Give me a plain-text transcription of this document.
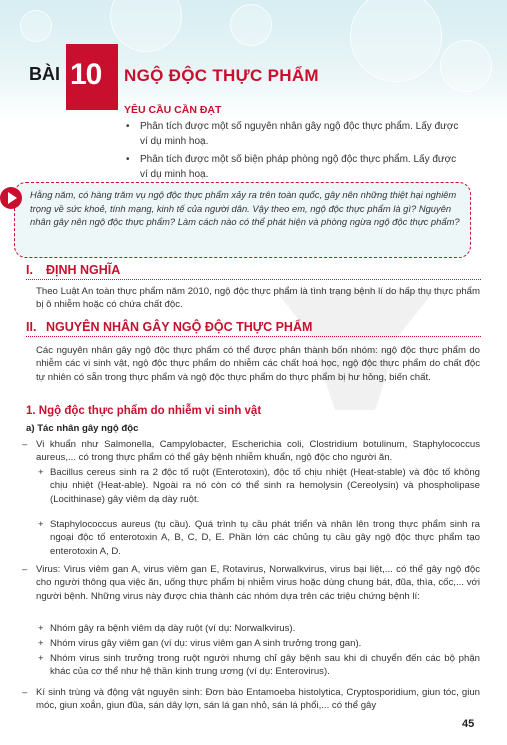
BÀI 10 NGỘ ĐỘC THỰC PHẨM
YÊU CẦU CẦN ĐẠT
• Phân tích được một số nguyên nhân gây ngộ độc thực phẩm. Lấy được ví dụ minh hoạ.
• Phân tích được một số biện pháp phòng ngộ độc thực phẩm. Lấy được ví dụ minh hoạ.

Hằng năm, có hàng trăm vụ ngộ độc thực phẩm xảy ra trên toàn quốc, gây nên những thiệt hại nghiêm trọng về sức khoẻ, tính mạng, kinh tế của người dân. Vậy theo em, ngộ độc thực phẩm là gì? Nguyên nhân gây nên ngộ độc thực phẩm? Làm cách nào có thể phát hiện và phòng ngừa ngộ độc thực phẩm?

I. ĐỊNH NGHĨA

Theo Luật An toàn thực phẩm năm 2010, ngộ độc thực phẩm là tình trạng bệnh lí do hấp thụ thực phẩm bị ô nhiễm hoặc có chứa chất độc.

II. NGUYÊN NHÂN GÂY NGỘ ĐỘC THỰC PHẨM

Các nguyên nhân gây ngộ độc thực phẩm có thể được phân thành bốn nhóm: ngộ độc thực phẩm do nhiễm các vi sinh vật, ngộ độc thực phẩm do nhiễm các chất hoá học, ngộ độc thực phẩm do chất độc tự nhiên có sẵn trong thực phẩm và ngộ độc thực phẩm do thực phẩm bị hư hỏng, biến chất.

1. Ngộ độc thực phẩm do nhiễm vi sinh vật
a) Tác nhân gây ngộ độc
– Vi khuẩn như Salmonella, Campylobacter, Escherichia coli, Clostridium botulinum, Staphylococcus aureus,... có trong thực phẩm có thể gây bệnh nhiễm khuẩn, ngộ độc cho người ăn.
+ Bacillus cereus sinh ra 2 độc tố ruột (Enterotoxin), độc tố chịu nhiệt (Heat-stable) và độc tố không chịu nhiệt (Heat-able). Ngoài ra nó còn có thể sinh ra hemolysin (Cereolysin) và phospholipase (Locithinase) gây viêm dạ dày ruột.
+ Staphylococcus aureus (tụ cầu). Quá trình tụ cầu phát triển và nhân lên trong thực phẩm sinh ra ngoại độc tố enterotoxin A, B, C, D, E. Phần lớn các chủng tụ cầu gây ngộ độc thực phẩm tạo enterotoxin A, D.
– Virus: Virus viêm gan A, virus viêm gan E, Rotavirus, Norwalkvirus, virus bại liệt,... có thể gây ngộ độc cho người thông qua việc ăn, uống thực phẩm bị nhiễm virus hoặc dùng chung bát, đũa, thìa, cốc,... với người bệnh. Những virus này được chia thành các nhóm dựa trên các triệu chứng bệnh lí:
+ Nhóm gây ra bệnh viêm dạ dày ruột (ví dụ: Norwalkvirus).
+ Nhóm virus gây viêm gan (ví dụ: virus viêm gan A sinh trưởng trong gan).
+ Nhóm virus sinh trưởng trong ruột người nhưng chỉ gây bệnh sau khi di chuyển đến các bộ phận khác của cơ thể như hệ thần kinh trung ương (ví dụ: Enterovirus).
– Kí sinh trùng và động vật nguyên sinh: Đơn bào Entamoeba histolytica, Cryptosporidium, giun tóc, giun móc, giun xoắn, giun đũa, sán dây lợn, sán lá gan nhỏ, sán lá phổi,... có thể gây
45
